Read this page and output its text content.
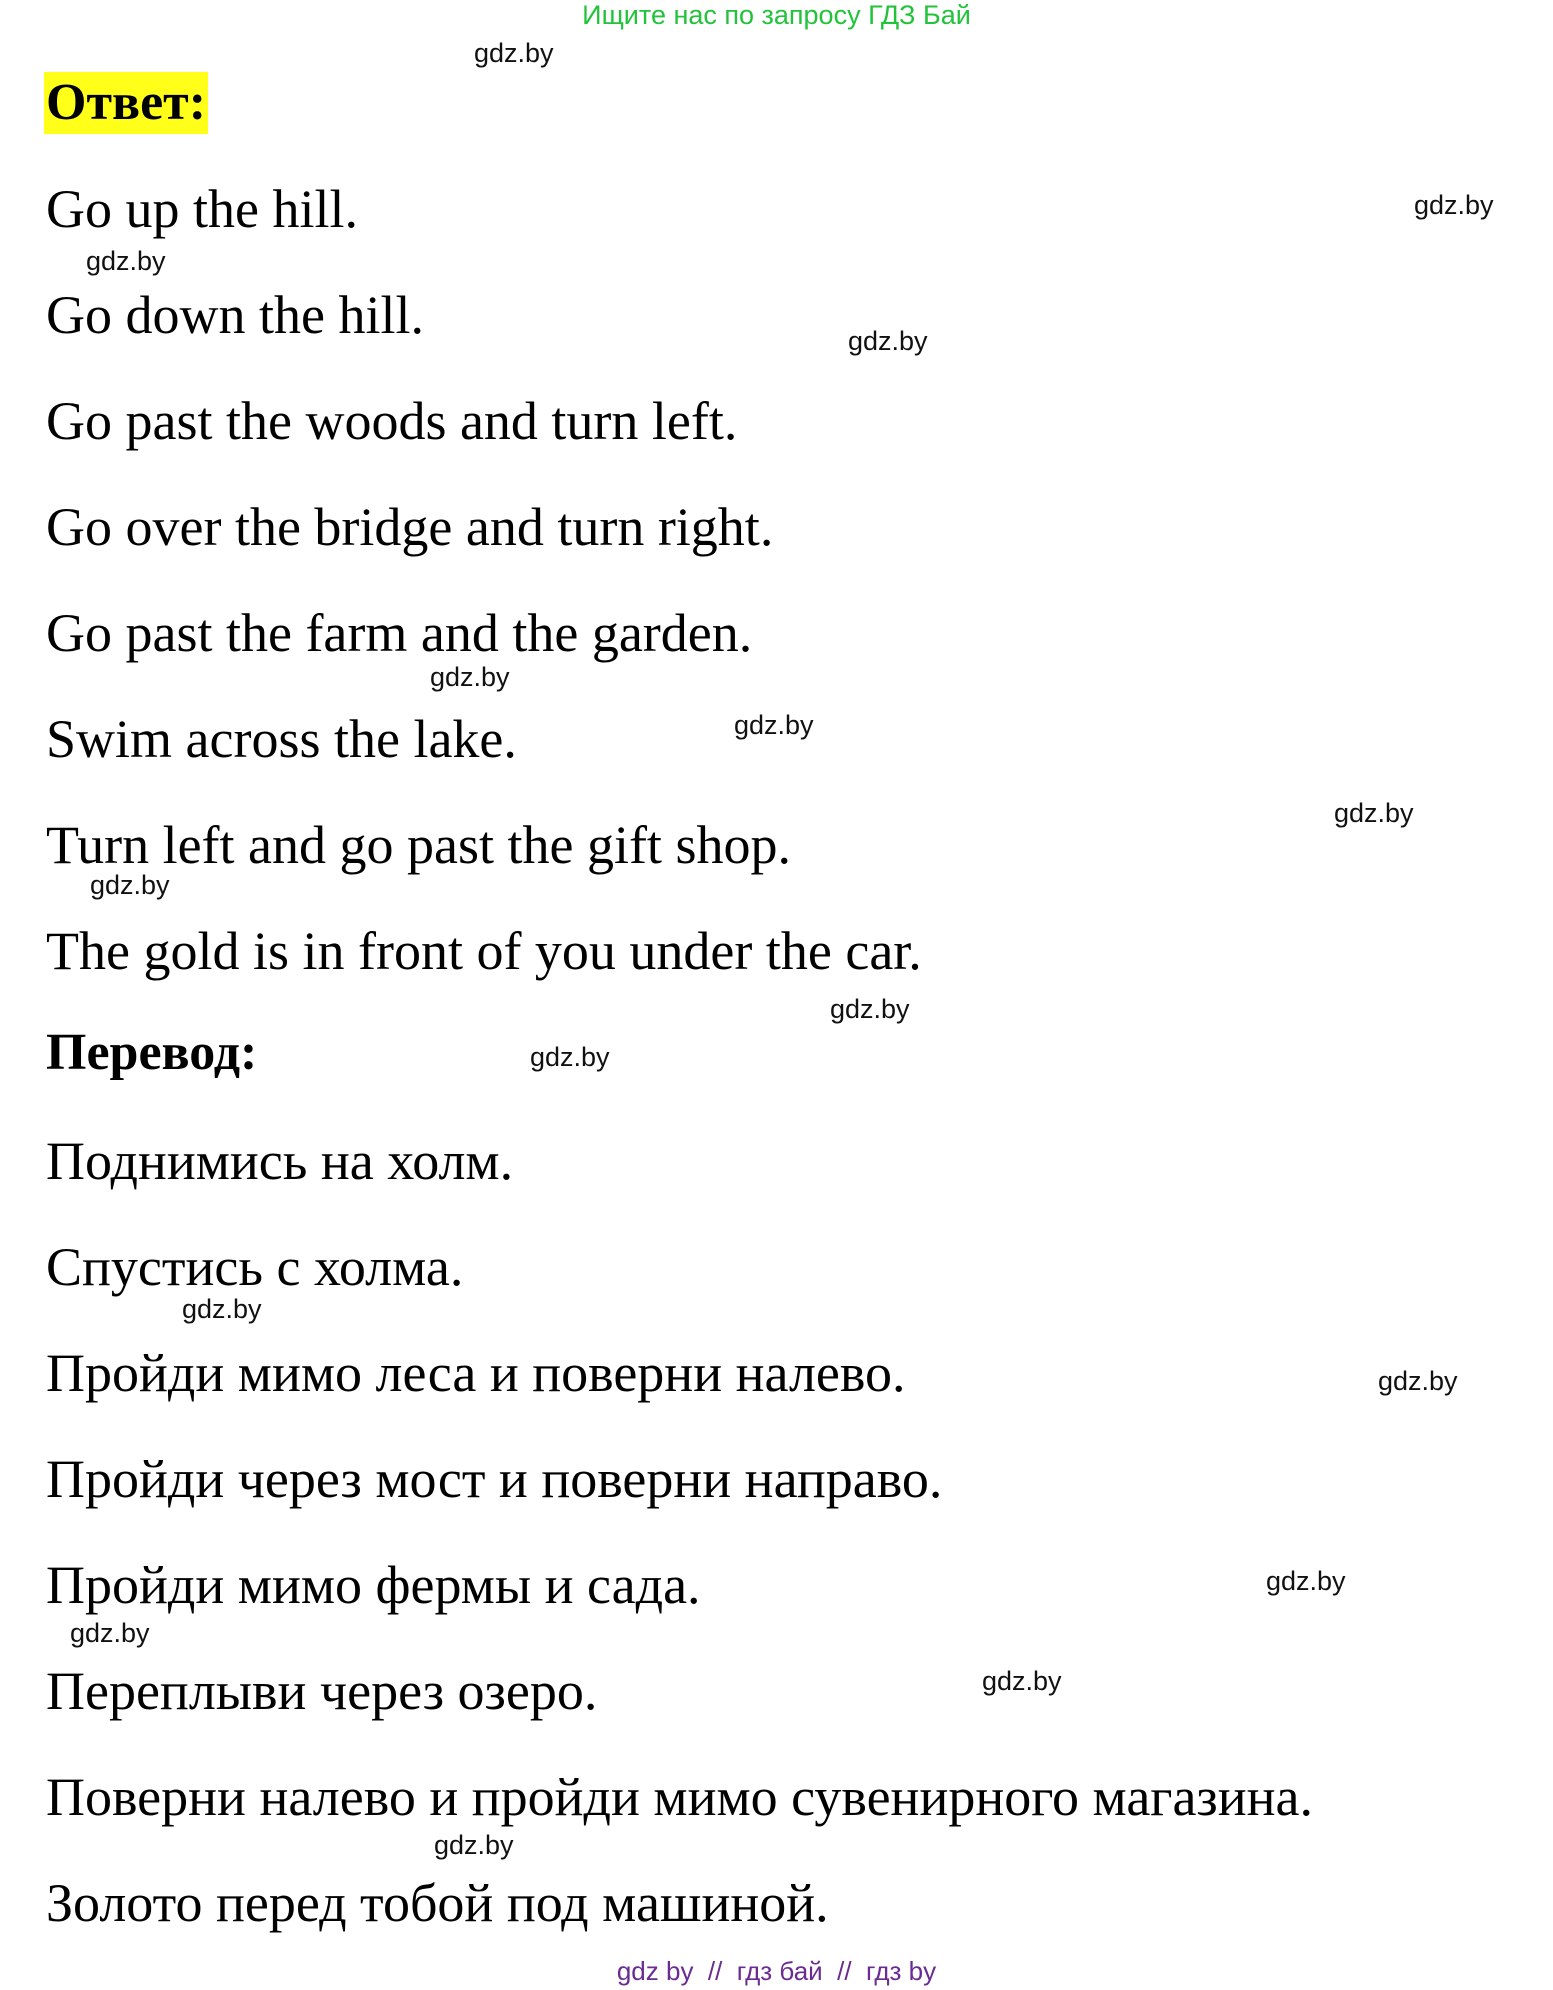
Ищите нас по запросу ГДЗ Бай
gdz.by
gdz.by
gdz.by
gdz.by
gdz.by
gdz.by
gdz.by
gdz.by
gdz.by
gdz.by
gdz.by
gdz.by
gdz.by
gdz.by
gdz.by
gdz.by
Ответ:
Go up the hill.
Go down the hill.
Go past the woods and turn left.
Go over the bridge and turn right.
Go past the farm and the garden.
Swim across the lake.
Turn left and go past the gift shop.
The gold is in front of you under the car.
Перевод:
Поднимись на холм.
Спустись с холма.
Пройди мимо леса и поверни налево.
Пройди через мост и поверни направо.
Пройди мимо фермы и сада.
Переплыви через озеро.
Поверни налево и пройди мимо сувенирного магазина.
Золото перед тобой под машиной.
gdz by  //  гдз бай  //  гдз by
